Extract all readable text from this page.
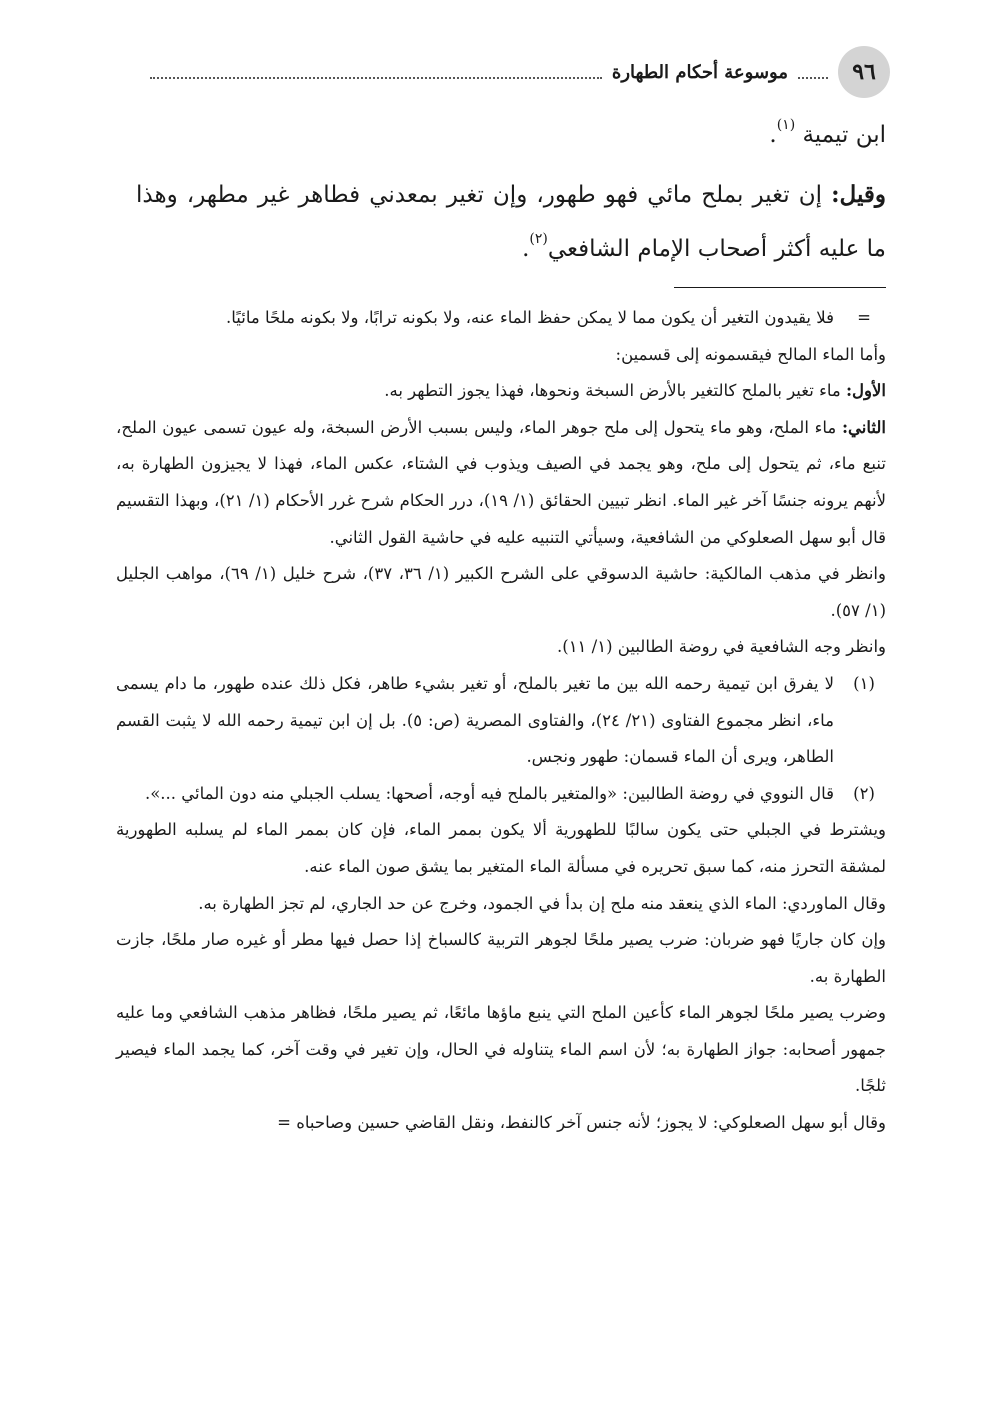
٩٦
موسوعة أحكام الطهارة

ابن تيمية $^{(١)}$.

وقيل: إن تغير بملح مائي فهو طهور، وإن تغير بمعدني فطاهر غير مطهر، وهذا ما عليه أكثر أصحاب الإمام الشافعي$^{(٢)}$.

=

فلا يقيدون التغير أن يكون مما لا يمكن حفظ الماء عنه، ولا بكونه ترابًا، ولا بكونه ملحًا مائيًا.

وأما الماء المالح فيقسمونه إلى قسمين:

الأول: ماء تغير بالملح كالتغير بالأرض السبخة ونحوها، فهذا يجوز التطهر به.

الثاني: ماء الملح، وهو ماء يتحول إلى ملح جوهر الماء، وليس بسبب الأرض السبخة، وله عيون تسمى عيون الملح، تنبع ماء، ثم يتحول إلى ملح، وهو يجمد في الصيف ويذوب في الشتاء، عكس الماء، فهذا لا يجيزون الطهارة به، لأنهم يرونه جنسًا آخر غير الماء. انظر تبيين الحقائق (١/ ١٩)، درر الحكام شرح غرر الأحكام (١/ ٢١)، وبهذا التقسيم قال أبو سهل الصعلوكي من الشافعية، وسيأتي التنبيه عليه في حاشية القول الثاني.

وانظر في مذهب المالكية: حاشية الدسوقي على الشرح الكبير (١/ ٣٦، ٣٧)، شرح خليل (١/ ٦٩)، مواهب الجليل (١/ ٥٧).

وانظر وجه الشافعية في روضة الطالبين (١/ ١١).

(١)

لا يفرق ابن تيمية رحمه الله بين ما تغير بالملح، أو تغير بشيء طاهر، فكل ذلك عنده طهور، ما دام يسمى ماء، انظر مجموع الفتاوى (٢١/ ٢٤)، والفتاوى المصرية (ص: ٥). بل إن ابن تيمية رحمه الله لا يثبت القسم الطاهر، ويرى أن الماء قسمان: طهور ونجس.

(٢)

قال النووي في روضة الطالبين: «والمتغير بالملح فيه أوجه، أصحها: يسلب الجبلي منه دون المائي ...».

ويشترط في الجبلي حتى يكون سالبًا للطهورية ألا يكون بممر الماء، فإن كان بممر الماء لم يسلبه الطهورية لمشقة التحرز منه، كما سبق تحريره في مسألة الماء المتغير بما يشق صون الماء عنه.

وقال الماوردي: الماء الذي ينعقد منه ملح إن بدأ في الجمود، وخرج عن حد الجاري، لم تجز الطهارة به.

وإن كان جاريًا فهو ضربان: ضرب يصير ملحًا لجوهر التربية كالسباخ إذا حصل فيها مطر أو غيره صار ملحًا، جازت الطهارة به.

وضرب يصير ملحًا لجوهر الماء كأعين الملح التي ينبع ماؤها مائعًا، ثم يصير ملحًا، فظاهر مذهب الشافعي وما عليه جمهور أصحابه: جواز الطهارة به؛ لأن اسم الماء يتناوله في الحال، وإن تغير في وقت آخر، كما يجمد الماء فيصير ثلجًا.

وقال أبو سهل الصعلوكي: لا يجوز؛ لأنه جنس آخر كالنفط، ونقل القاضي حسين وصاحباه =
